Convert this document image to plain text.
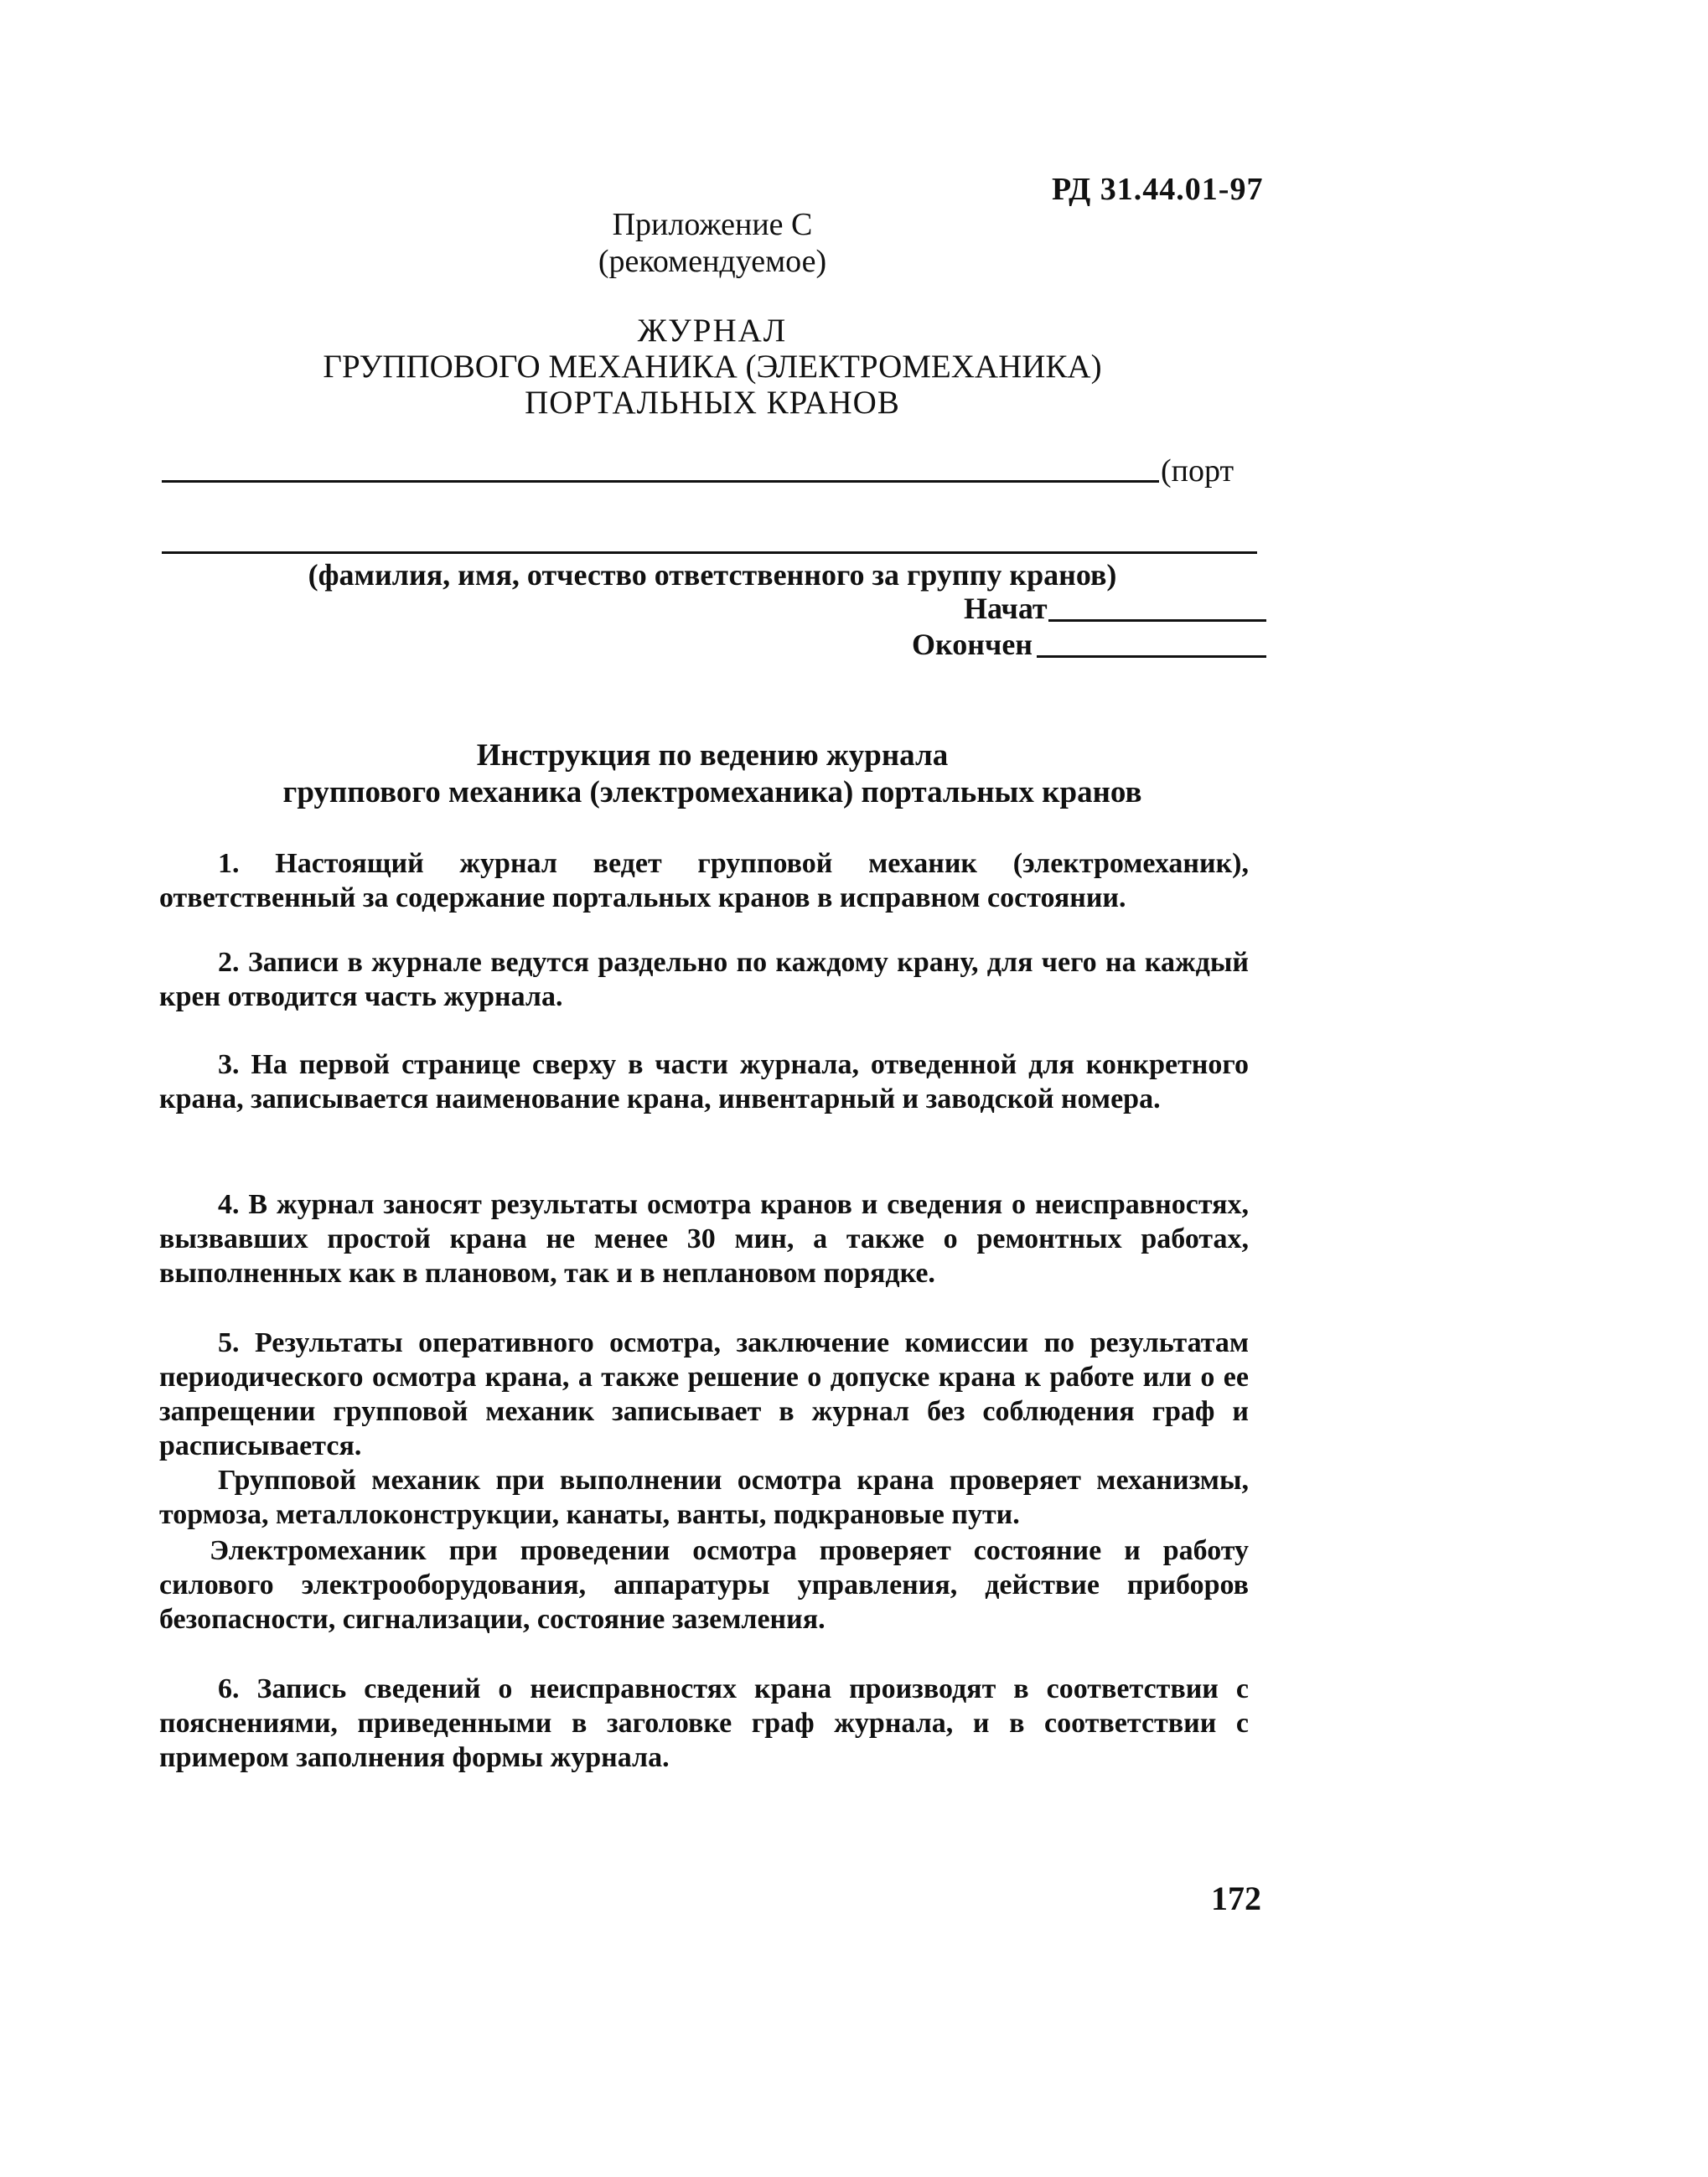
РД 31.44.01-97
Приложение С
(рекомендуемое)
ЖУРНАЛ
ГРУППОВОГО МЕХАНИКА (ЭЛЕКТРОМЕХАНИКА)
ПОРТАЛЬНЫХ КРАНОВ
(порт
(фамилия, имя, отчество ответственного за группу кранов)
Начат
Окончен
Инструкция по ведению журнала
группового механика (электромеханика) портальных кранов
1. Настоящий журнал ведет групповой механик (электромеханик), ответственный за содержание портальных кранов в исправном состоянии.
2. Записи в журнале ведутся раздельно по каждому крану, для чего на каждый крен отводится часть журнала.
3. На первой странице сверху в части журнала, отведенной для конкретного крана, записывается наименование крана, инвентарный и заводской номера.
4. В журнал заносят результаты осмотра кранов и сведения о неисправностях, вызвавших простой крана не менее 30 мин, а также о ремонтных работах, выполненных как в плановом, так и в неплановом порядке.
5. Результаты оперативного осмотра, заключение комиссии по результатам периодического осмотра крана, а также решение о допуске крана к работе или о ее запрещении групповой механик записывает в журнал без соблюдения граф и расписывается.
Групповой механик при выполнении осмотра крана проверяет механизмы, тормоза, металлоконструкции, канаты, ванты, подкрановые пути.
Электромеханик при проведении осмотра проверяет состояние и работу силового электрооборудования, аппаратуры управления, действие приборов безопасности, сигнализации, состояние заземления.
6. Запись сведений о неисправностях крана производят в соответствии с пояснениями, приведенными в заголовке граф журнала, и в соответствии с примером заполнения формы журнала.
172
